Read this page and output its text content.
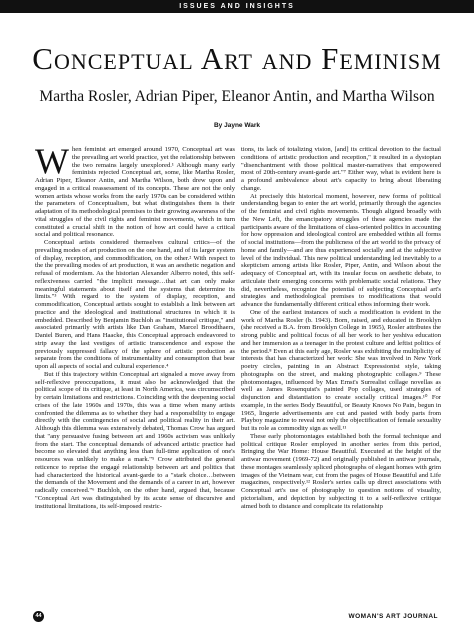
ISSUES AND INSIGHTS
Conceptual Art and Feminism
Martha Rosler, Adrian Piper, Eleanor Antin, and Martha Wilson
By Jayne Wark

When feminist art emerged around 1970, Conceptual art was the prevailing art world practice, yet the relationship between the two remains largely unexplored.¹ Although many early feminists rejected Conceptual art, some, like Martha Rosler, Adrian Piper, Eleanor Antin, and Martha Wilson, both drew upon and engaged in a critical reassessment of its concepts. These are not the only women artists whose works from the early 1970s can be considered within the parameters of Conceptualism, but what distinguishes them is their adaptation of its methodological premises to their growing awareness of the vital struggles of the civil rights and feminist movements, which in turn constituted a crucial shift in the notion of how art could have a critical social and political resonance.

Conceptual artists considered themselves cultural critics—of the prevailing modes of art production on the one hand, and of its larger system of display, reception, and commodification, on the other.² With respect to the the prevailing modes of art production, it was an aesthetic negation and refusal of modernism. As the historian Alexander Alberro noted, this self-reflexiveness carried "the implicit message…that art can only make meaningful statements about itself and the systems that determine its limits."³ With regard to the system of display, reception, and commodification, Conceptual artists sought to establish a link between art practice and the ideological and institutional structures in which it is embedded. Described by Benjamin Buchloh as "institutional critique," and associated primarily with artists like Dan Graham, Marcel Broodthaers, Daniel Buren, and Hans Haacke, this Conceptual approach endeavored to strip away the last vestiges of artistic transcendence and expose the previously suppressed fallacy of the sphere of artistic production as separate from the conditions of instrumentality and consumption that bear upon all aspects of social and cultural experience.⁴

But if this trajectory within Conceptual art signaled a move away from self-reflexive preoccupations, it must also be acknowledged that the political scope of its critique, at least in North America, was circumscribed by certain limitations and restrictions. Coinciding with the deepening social crises of the late 1960s and 1970s, this was a time when many artists confronted the dilemma as to whether they had a responsibility to engage directly with the contingencies of social and political reality in their art. Although this dilemma was extensively debated, Thomas Crow has argued that "any persuasive fusing between art and 1960s activism was unlikely from the start. The conceptual demands of advanced artistic practice had become so elevated that anything less than full-time application of one's resources was unlikely to make a mark."⁵ Crow attributed the general reticence to reprise the engagé relationship between art and politics that had characterized the historical avant-garde to a "stark choice…between the demands of the Movement and the demands of a career in art, however radically conceived."⁶ Buchloh, on the other hand, argued that, because "Conceptual Art was distinguished by its acute sense of discursive and institutional limitations, its self-imposed restric-

tions, its lack of totalizing vision, [and] its critical devotion to the factual conditions of artistic production and reception," it resulted in a dystopian "disenchantment with those political master-narratives that empowered most of 20th-century avant-garde art."⁷ Either way, what is evident here is a profound ambivalence about art's capacity to bring about liberating change.

At precisely this historical moment, however, new forms of political understanding began to enter the art world, primarily through the agencies of the feminist and civil rights movements. Though aligned broadly with the New Left, the emancipatory struggles of these agencies made the participants aware of the limitations of class-oriented politics in accounting for how oppression and ideological control are embedded within all forms of social institutions—from the publicness of the art world to the privacy of home and family—and are thus experienced socially and at the subjective level of the individual. This new political understanding led inevitably to a skepticism among artists like Rosler, Piper, Antin, and Wilson about the adequacy of Conceptual art, with its insular focus on aesthetic debate, to articulate their emerging concerns with problematic social relations. They did, nevertheless, recognize the potential of subjecting Conceptual art's strategies and methodological premises to modifications that would advance the fundamentally different critical ethos informing their work.

One of the earliest instances of such a modification is evident in the work of Martha Rosler (b. 1943). Born, raised, and educated in Brooklyn (she received a B.A. from Brooklyn College in 1965), Rosler attributes the strong public and political focus of all her work to her yeshiva education and her immersion as a teenager in the protest culture and leftist politics of the period.⁸ Even at this early age, Rosler was exhibiting the multiplicity of interests that has characterized her work: She was involved in New York poetry circles, painting in an Abstract Expressionist style, taking photographs on the street, and making photographic collages.⁹ These photomontages, influenced by Max Ernst's Surrealist collage novellas as well as James Rosenquist's painted Pop collages, used strategies of disjunction and distantiation to create socially critical images.¹⁰ For example, in the series Body Beautiful, or Beauty Knows No Pain, begun in 1965, lingerie advertisements are cut and pasted with body parts from Playboy magazine to reveal not only the objectification of female sexuality but its role as commodity sign as well.¹¹

These early photomontages established both the formal technique and political critique Rosler employed in another series from this period, Bringing the War Home: House Beautiful. Executed at the height of the antiwar movement (1969-72) and originally published in antiwar journals, these montages seamlessly spliced photographs of elegant homes with grim images of the Vietnam war, cut from the pages of House Beautiful and Life magazines, respectively.¹² Rosler's series calls up direct associations with Conceptual art's use of photography to question notions of visuality, pictorialism, and depiction by subjecting it to a self-reflexive critique aimed both to distance and complicate its relationship

44	WOMAN'S ART JOURNAL
